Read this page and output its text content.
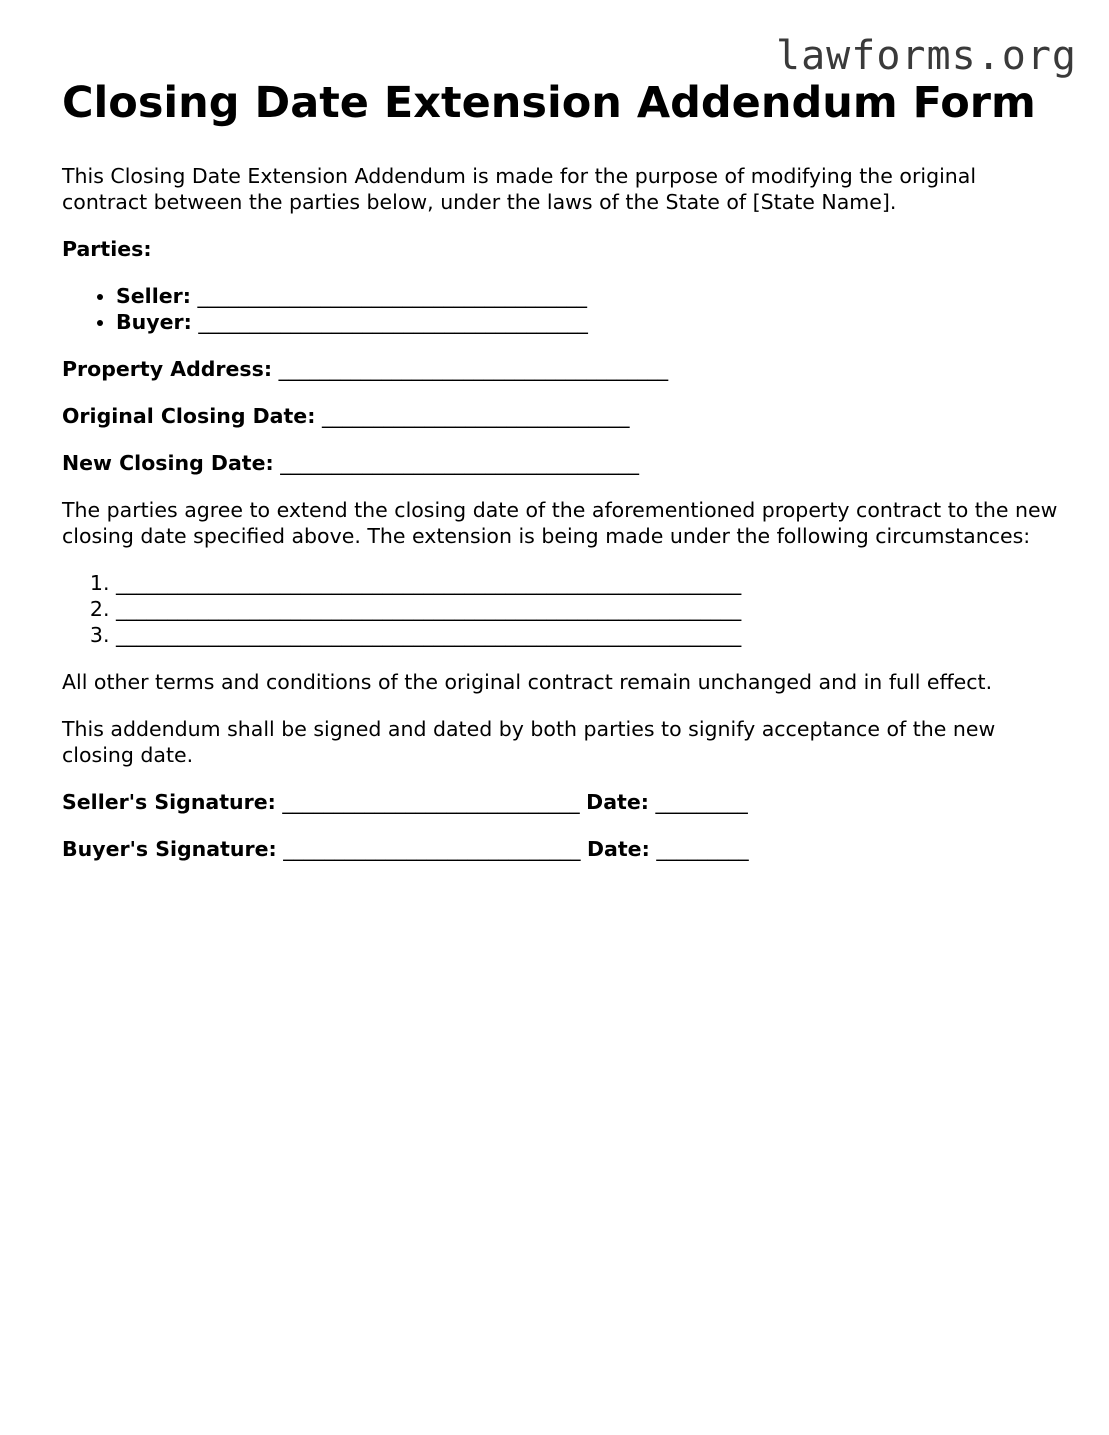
lawforms.org
Closing Date Extension Addendum Form

This Closing Date Extension Addendum is made for the purpose of modifying the original contract between the parties below, under the laws of the State of [State Name].

Parties:

• Seller: ______________________________________
• Buyer: ______________________________________

Property Address: ______________________________________

Original Closing Date: ______________________________

New Closing Date: ___________________________________

The parties agree to extend the closing date of the aforementioned property contract to the new closing date specified above. The extension is being made under the following circumstances:

1. _____________________________________________________________
2. _____________________________________________________________
3. _____________________________________________________________

All other terms and conditions of the original contract remain unchanged and in full effect.

This addendum shall be signed and dated by both parties to signify acceptance of the new closing date.

Seller's Signature: _____________________________ Date: _________

Buyer's Signature: _____________________________ Date: _________
